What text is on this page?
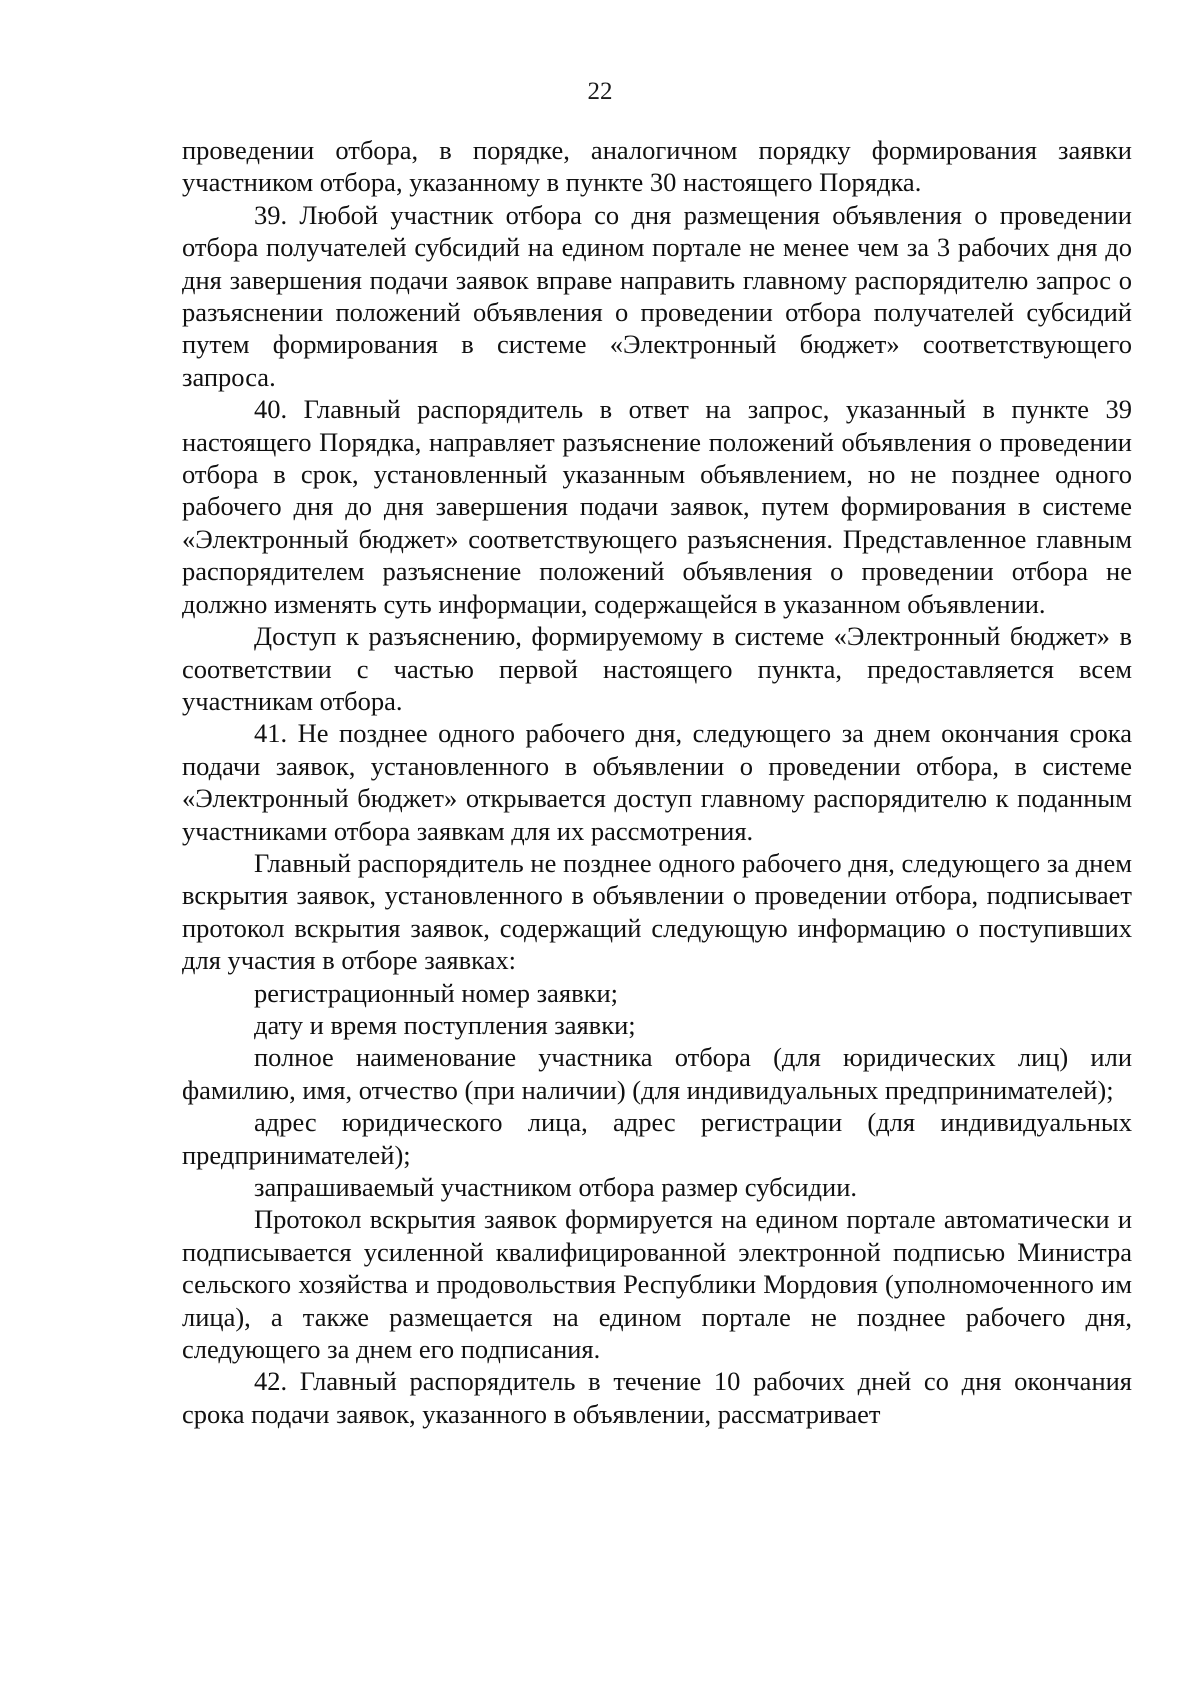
22

проведении отбора, в порядке, аналогичном порядку формирования заявки участником отбора, указанному в пункте 30 настоящего Порядка.

39. Любой участник отбора со дня размещения объявления о проведении отбора получателей субсидий на едином портале не менее чем за 3 рабочих дня до дня завершения подачи заявок вправе направить главному распорядителю запрос о разъяснении положений объявления о проведении отбора получателей субсидий путем формирования в системе «Электронный бюджет» соответствующего запроса.

40. Главный распорядитель в ответ на запрос, указанный в пункте 39 настоящего Порядка, направляет разъяснение положений объявления о проведении отбора в срок, установленный указанным объявлением, но не позднее одного рабочего дня до дня завершения подачи заявок, путем формирования в системе «Электронный бюджет» соответствующего разъяснения. Представленное главным распорядителем разъяснение положений объявления о проведении отбора не должно изменять суть информации, содержащейся в указанном объявлении.

Доступ к разъяснению, формируемому в системе «Электронный бюджет» в соответствии с частью первой настоящего пункта, предоставляется всем участникам отбора.

41. Не позднее одного рабочего дня, следующего за днем окончания срока подачи заявок, установленного в объявлении о проведении отбора, в системе «Электронный бюджет» открывается доступ главному распорядителю к поданным участниками отбора заявкам для их рассмотрения.

Главный распорядитель не позднее одного рабочего дня, следующего за днем вскрытия заявок, установленного в объявлении о проведении отбора, подписывает протокол вскрытия заявок, содержащий следующую информацию о поступивших для участия в отборе заявках:

регистрационный номер заявки;

дату и время поступления заявки;

полное наименование участника отбора (для юридических лиц) или фамилию, имя, отчество (при наличии) (для индивидуальных предпринимателей);

адрес юридического лица, адрес регистрации (для индивидуальных предпринимателей);

запрашиваемый участником отбора размер субсидии.

Протокол вскрытия заявок формируется на едином портале автоматически и подписывается усиленной квалифицированной электронной подписью Министра сельского хозяйства и продовольствия Республики Мордовия (уполномоченного им лица), а также размещается на едином портале не позднее рабочего дня, следующего за днем его подписания.

42. Главный распорядитель в течение 10 рабочих дней со дня окончания срока подачи заявок, указанного в объявлении, рассматривает
